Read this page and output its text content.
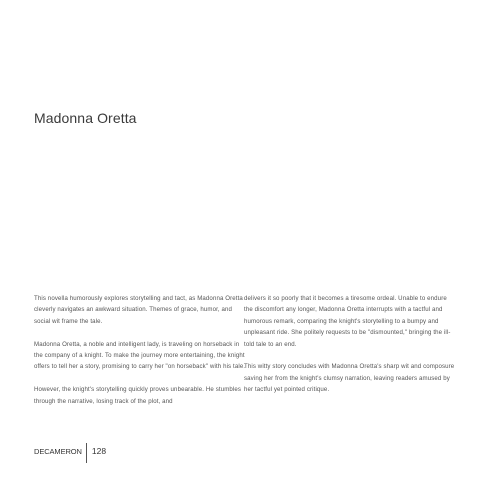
Madonna Oretta

This novella humorously explores storytelling and tact, as Madonna Oretta cleverly navigates an awkward situation. Themes of grace, humor, and social wit frame the tale.

Madonna Oretta, a noble and intelligent lady, is traveling on horseback in the company of a knight. To make the journey more entertaining, the knight offers to tell her a story, promising to carry her "on horseback" with his tale.

However, the knight's storytelling quickly proves unbearable. He stumbles through the narrative, losing track of the plot, and

delivers it so poorly that it becomes a tiresome ordeal. Unable to endure the discomfort any longer, Madonna Oretta interrupts with a tactful and humorous remark, comparing the knight's storytelling to a bumpy and unpleasant ride. She politely requests to be "dismounted," bringing the ill-told tale to an end.

This witty story concludes with Madonna Oretta's sharp wit and composure saving her from the knight's clumsy narration, leaving readers amused by her tactful yet pointed critique.

DECAMERON	128
